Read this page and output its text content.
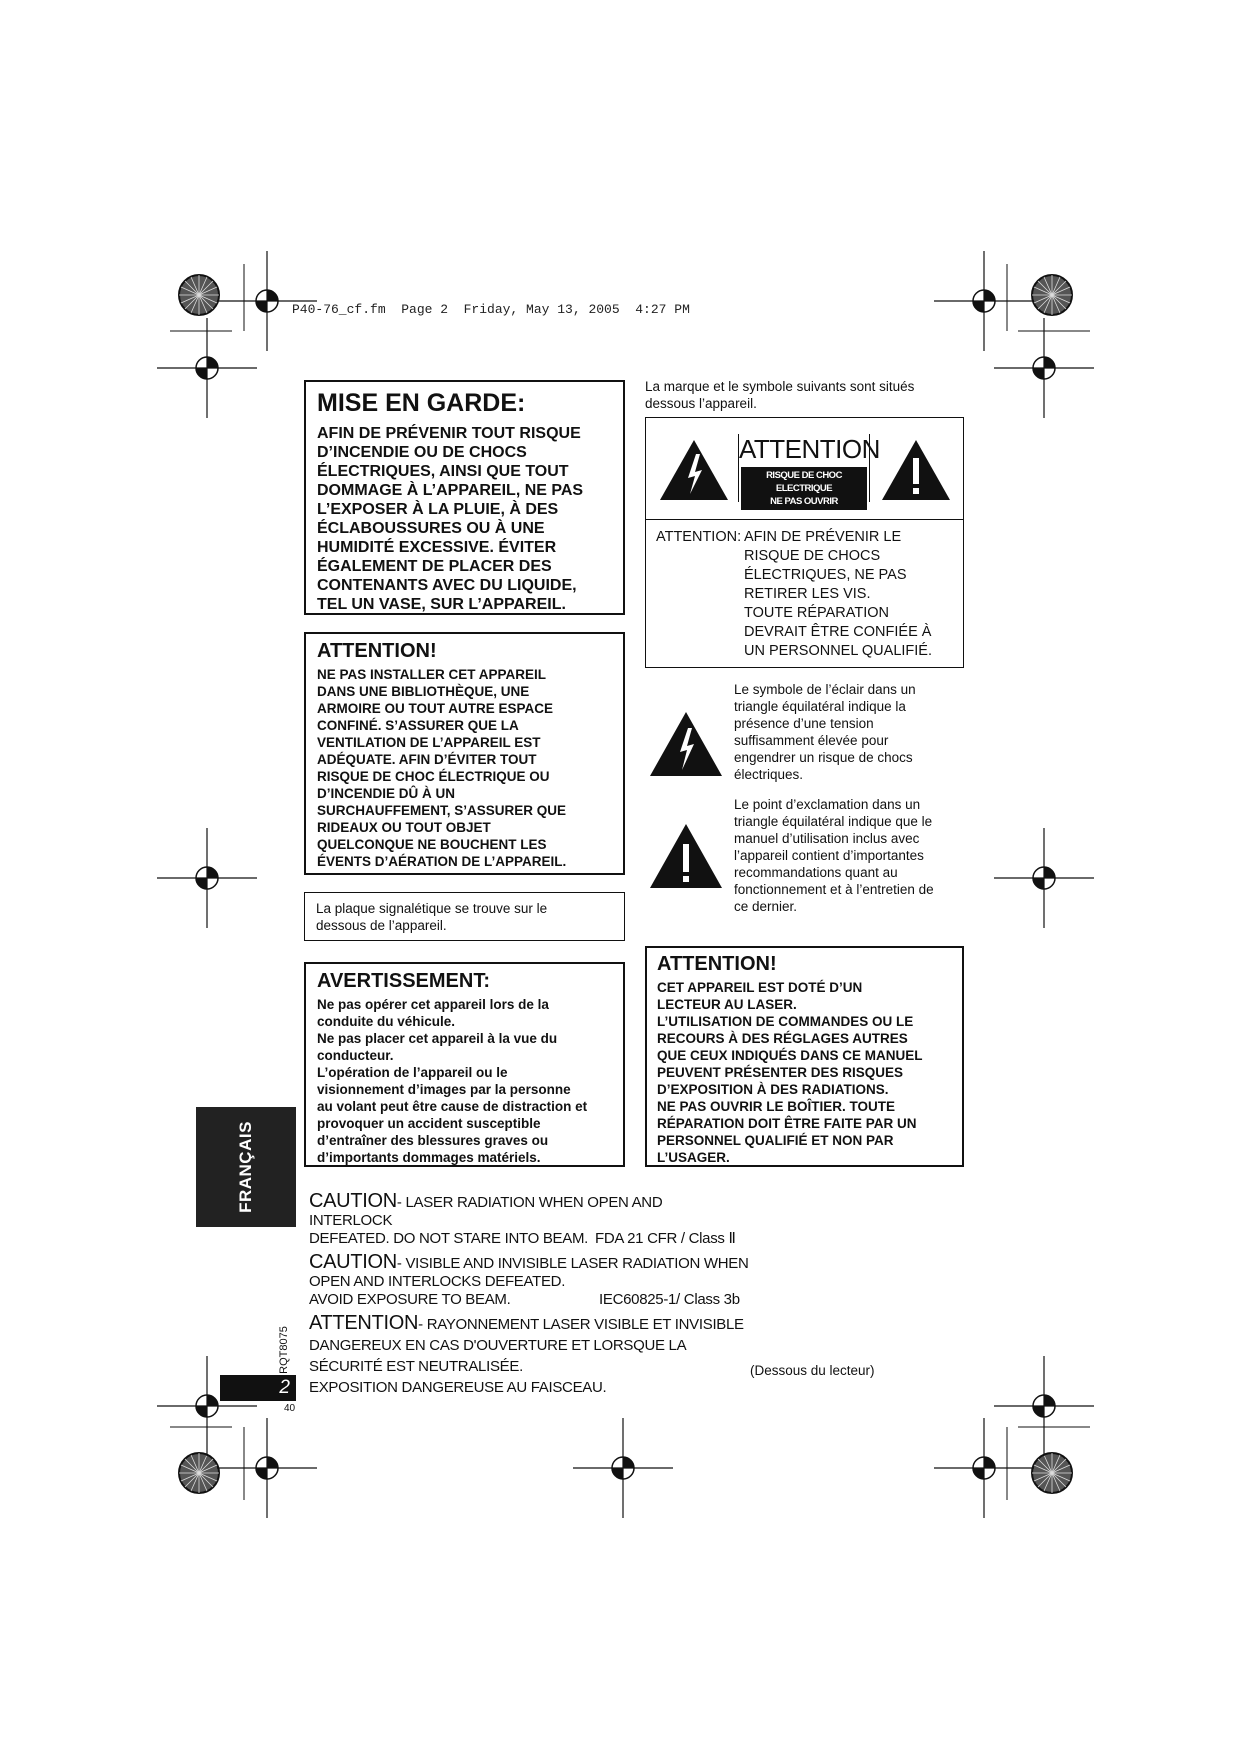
P40-76_cf.fm  Page 2  Friday, May 13, 2005  4:27 PM
MISE EN GARDE:
AFIN DE PRÉVENIR TOUT RISQUE
D’INCENDIE OU DE CHOCS
ÉLECTRIQUES, AINSI QUE TOUT
DOMMAGE À L’APPAREIL, NE PAS
L’EXPOSER À LA PLUIE, À DES
ÉCLABOUSSURES OU À UNE
HUMIDITÉ EXCESSIVE. ÉVITER
ÉGALEMENT DE PLACER DES
CONTENANTS AVEC DU LIQUIDE,
TEL UN VASE, SUR L’APPAREIL.
ATTENTION!
NE PAS INSTALLER CET APPAREIL
DANS UNE BIBLIOTHÈQUE, UNE
ARMOIRE OU TOUT AUTRE ESPACE
CONFINÉ. S’ASSURER QUE LA
VENTILATION DE L’APPAREIL EST
ADÉQUATE. AFIN D’ÉVITER TOUT
RISQUE DE CHOC ÉLECTRIQUE OU
D’INCENDIE DÛ À UN
SURCHAUFFEMENT, S’ASSURER QUE
RIDEAUX OU TOUT OBJET
QUELCONQUE NE BOUCHENT LES
ÉVENTS D’AÉRATION DE L’APPAREIL.
La plaque signalétique se trouve sur le
dessous de l’appareil.
AVERTISSEMENT:
Ne pas opérer cet appareil lors de la
conduite du véhicule.
Ne pas placer cet appareil à la vue du
conducteur.
L’opération de l’appareil ou le
visionnement d’images par la personne
au volant peut être cause de distraction et
provoquer un accident susceptible
d’entraîner des blessures graves ou
d’importants dommages matériels.
La marque et le symbole suivants sont situés
dessous l’appareil.
ATTENTION
RISQUE DE CHOC ELECTRIQUE
NE PAS OUVRIR
ATTENTION: AFIN DE PRÉVENIR LE
RISQUE DE CHOCS
ÉLECTRIQUES, NE PAS
RETIRER LES VIS.
TOUTE RÉPARATION
DEVRAIT ÊTRE CONFIÉE À
UN PERSONNEL QUALIFIÉ.
Le symbole de l’éclair dans un
triangle équilatéral indique la
présence d’une tension
suffisamment élevée pour
engendrer un risque de chocs
électriques.
Le point d’exclamation dans un
triangle équilatéral indique que le
manuel d’utilisation inclus avec
l’appareil contient d’importantes
recommandations quant au
fonctionnement et à l’entretien de
ce dernier.
ATTENTION!
CET APPAREIL EST DOTÉ D’UN
LECTEUR AU LASER.
L’UTILISATION DE COMMANDES OU LE
RECOURS À DES RÉGLAGES AUTRES
QUE CEUX INDIQUÉS DANS CE MANUEL
PEUVENT PRÉSENTER DES RISQUES
D’EXPOSITION À DES RADIATIONS.
NE PAS OUVRIR LE BOÎTIER. TOUTE
RÉPARATION DOIT ÊTRE FAITE PAR UN
PERSONNEL QUALIFIÉ ET NON PAR
L’USAGER.
CAUTION- LASER RADIATION WHEN OPEN AND INTERLOCK
DEFEATED. DO NOT STARE INTO BEAM. FDA 21 CFR / Class Ⅱ
CAUTION- VISIBLE AND INVISIBLE LASER RADIATION WHEN
OPEN AND INTERLOCKS DEFEATED.
AVOID EXPOSURE TO BEAM.	IEC60825-1/ Class 3b
ATTENTION- RAYONNEMENT LASER VISIBLE ET INVISIBLE
DANGEREUX EN CAS D'OUVERTURE ET LORSQUE LA
SÉCURITÉ EST NEUTRALISÉE.
EXPOSITION DANGEREUSE AU FAISCEAU.
(Dessous du lecteur)
FRANÇAIS
RQT8075
2
40
